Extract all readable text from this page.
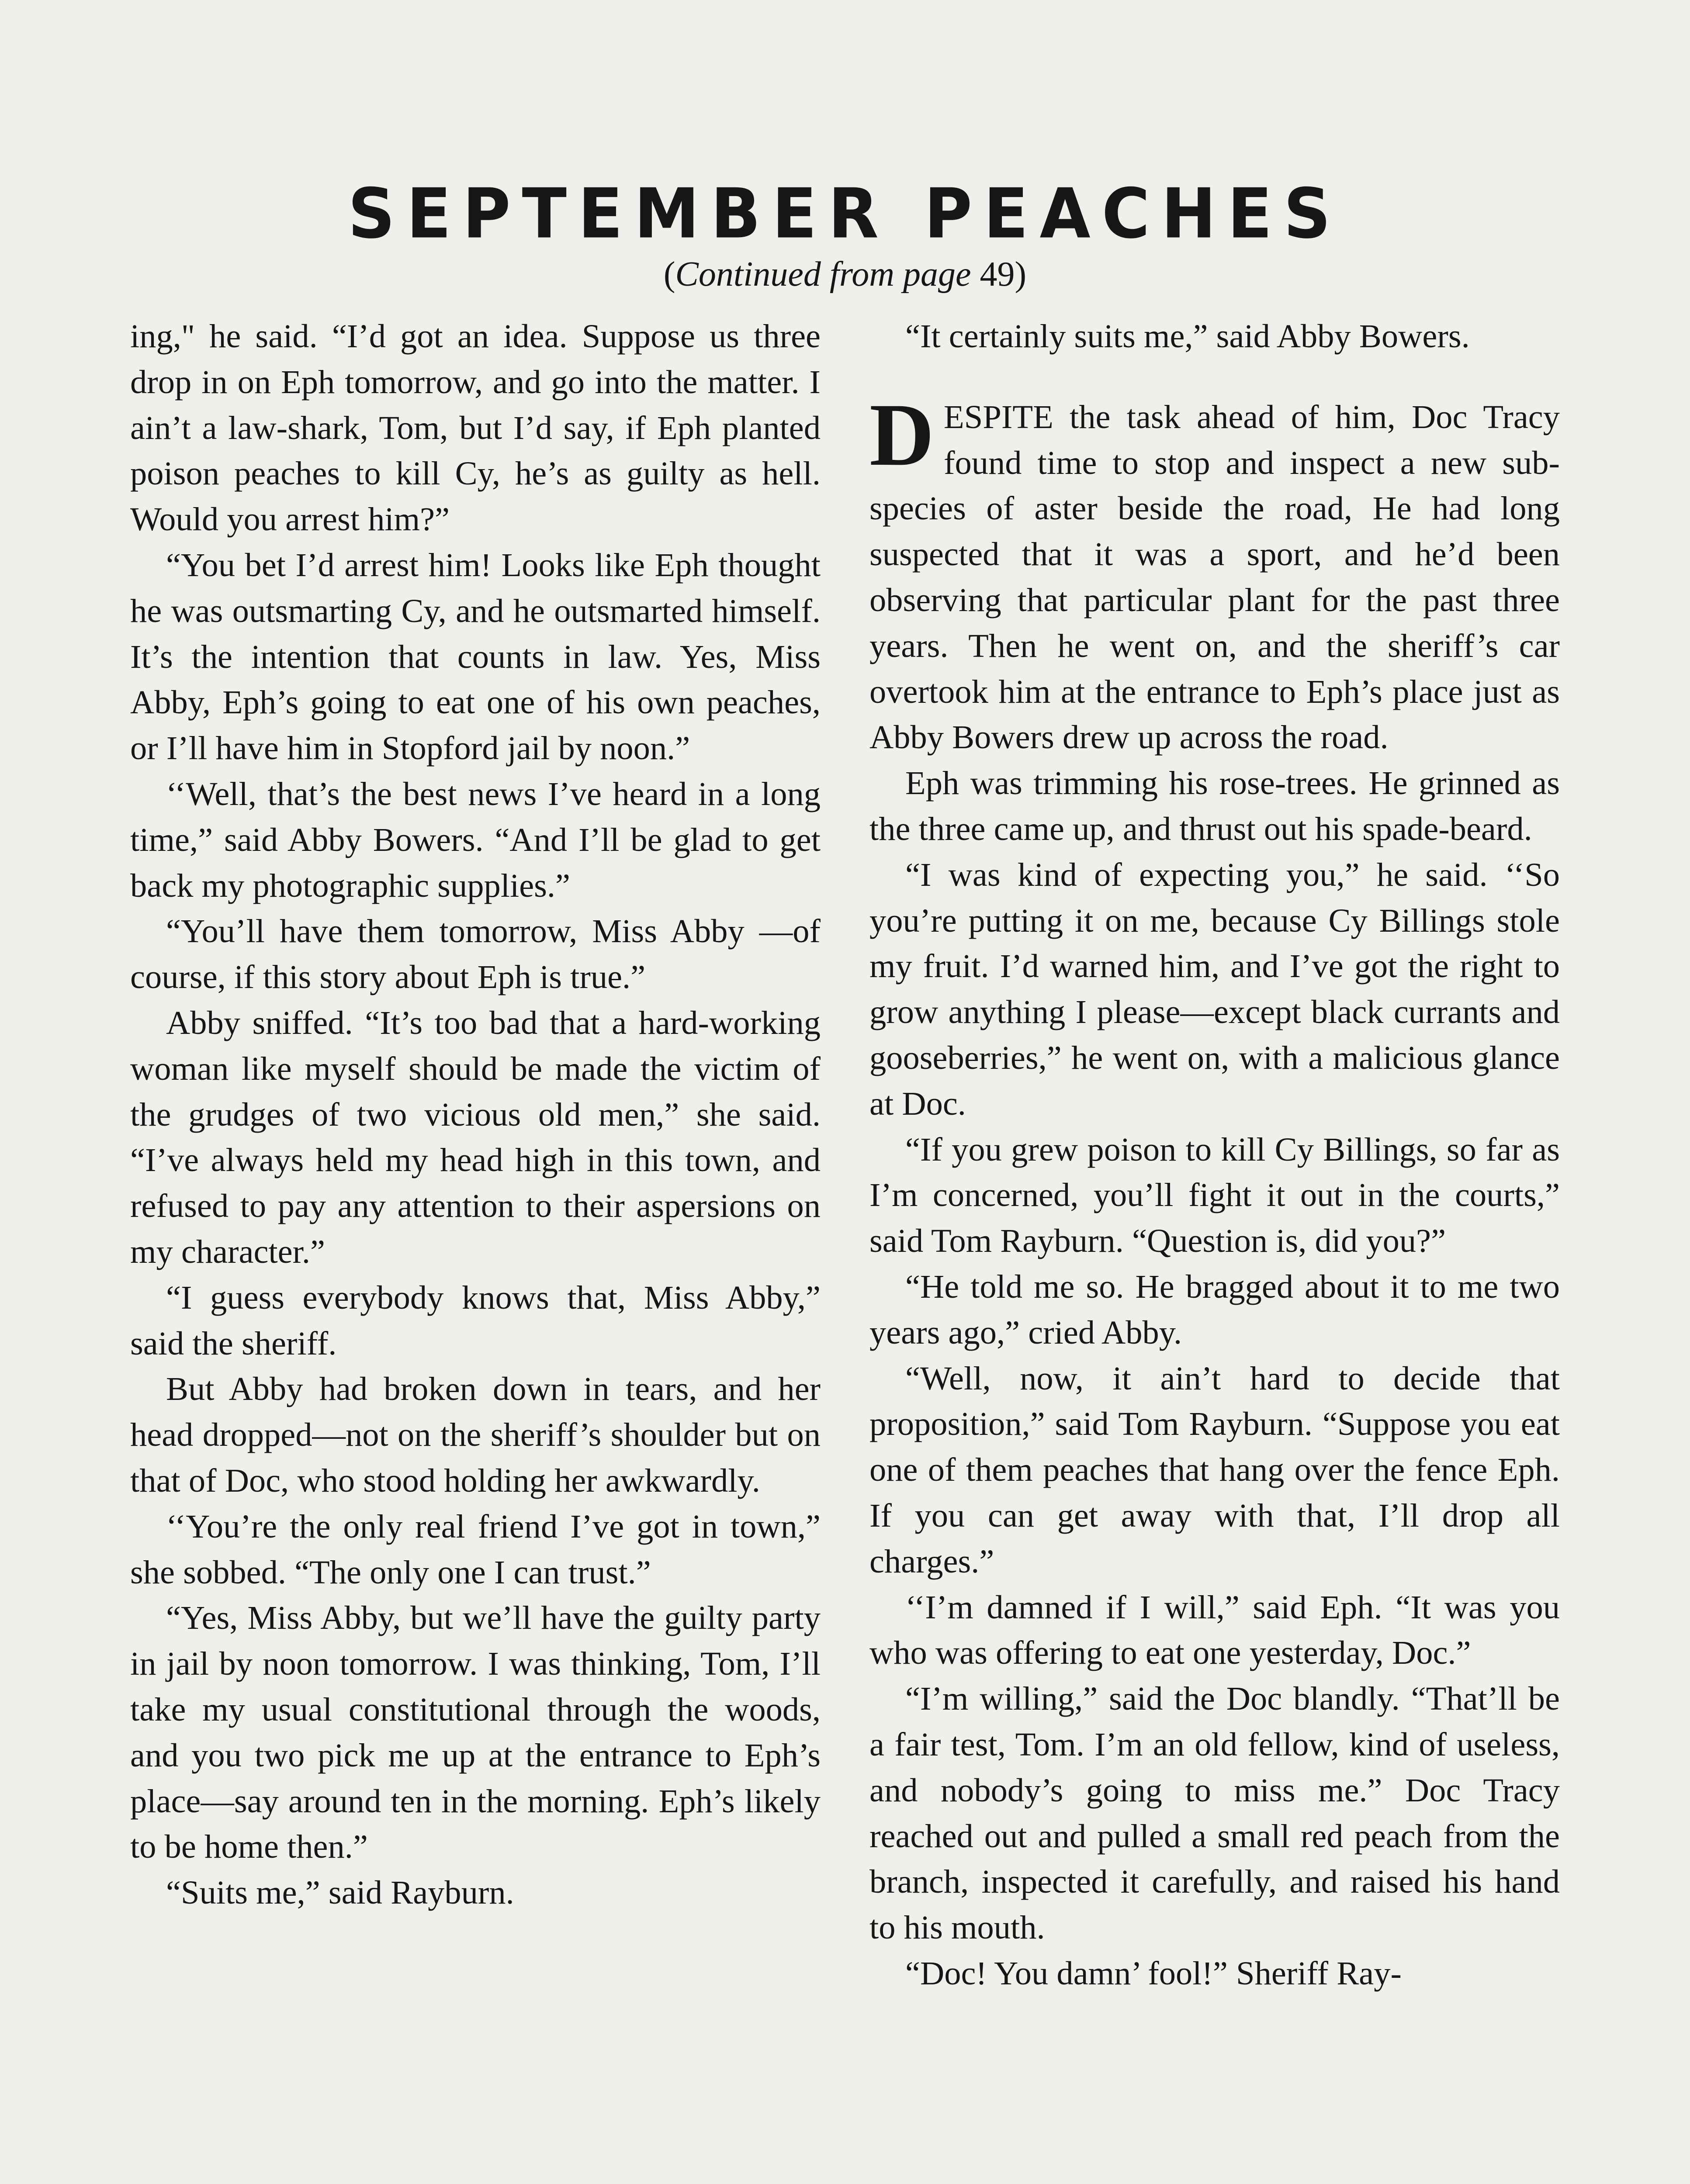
SEPTEMBER PEACHES
(Continued from page 49)

ing," he said. “I’d got an idea. Suppose us three drop in on Eph tomorrow, and go into the matter. I ain’t a law-shark, Tom, but I’d say, if Eph planted poison peaches to kill Cy, he’s as guilty as hell. Would you arrest him?”

“You bet I’d arrest him! Looks like Eph thought he was outsmarting Cy, and he outsmarted himself. It’s the intention that counts in law. Yes, Miss Abby, Eph’s going to eat one of his own peaches, or I’ll have him in Stopford jail by noon.”

‘‘Well, that’s the best news I’ve heard in a long time,” said Abby Bowers. “And I’ll be glad to get back my photographic supplies.”

“You’ll have them tomorrow, Miss Abby —of course, if this story about Eph is true.”

Abby sniffed. “It’s too bad that a hard-working woman like myself should be made the victim of the grudges of two vicious old men,” she said. “I’ve always held my head high in this town, and refused to pay any attention to their aspersions on my character.”

“I guess everybody knows that, Miss Abby,” said the sheriff.

But Abby had broken down in tears, and her head dropped—not on the sheriff’s shoulder but on that of Doc, who stood holding her awkwardly.

‘‘You’re the only real friend I’ve got in town,” she sobbed. “The only one I can trust.”

“Yes, Miss Abby, but we’ll have the guilty party in jail by noon tomorrow. I was thinking, Tom, I’ll take my usual constitutional through the woods, and you two pick me up at the entrance to Eph’s place—say around ten in the morning. Eph’s likely to be home then.”

“Suits me,” said Rayburn.

“It certainly suits me,” said Abby Bowers.

DESPITE the task ahead of him, Doc Tracy found time to stop and inspect a new sub-species of aster beside the road, He had long suspected that it was a sport, and he’d been observing that particular plant for the past three years. Then he went on, and the sheriff’s car overtook him at the entrance to Eph’s place just as Abby Bowers drew up across the road.

Eph was trimming his rose-trees. He grinned as the three came up, and thrust out his spade-beard.

“I was kind of expecting you,” he said. ‘‘So you’re putting it on me, because Cy Billings stole my fruit. I’d warned him, and I’ve got the right to grow anything I please—except black currants and gooseberries,” he went on, with a malicious glance at Doc.

“If you grew poison to kill Cy Billings, so far as I’m concerned, you’ll fight it out in the courts,” said Tom Rayburn. “Question is, did you?”

“He told me so. He bragged about it to me two years ago,” cried Abby.

“Well, now, it ain’t hard to decide that proposition,” said Tom Rayburn. “Suppose you eat one of them peaches that hang over the fence Eph. If you can get away with that, I’ll drop all charges.”

‘‘I’m damned if I will,” said Eph. “It was you who was offering to eat one yesterday, Doc.”

“I’m willing,” said the Doc blandly. “That’ll be a fair test, Tom. I’m an old fellow, kind of useless, and nobody’s going to miss me.” Doc Tracy reached out and pulled a small red peach from the branch, inspected it carefully, and raised his hand to his mouth.

“Doc! You damn’ fool!” Sheriff Ray-
